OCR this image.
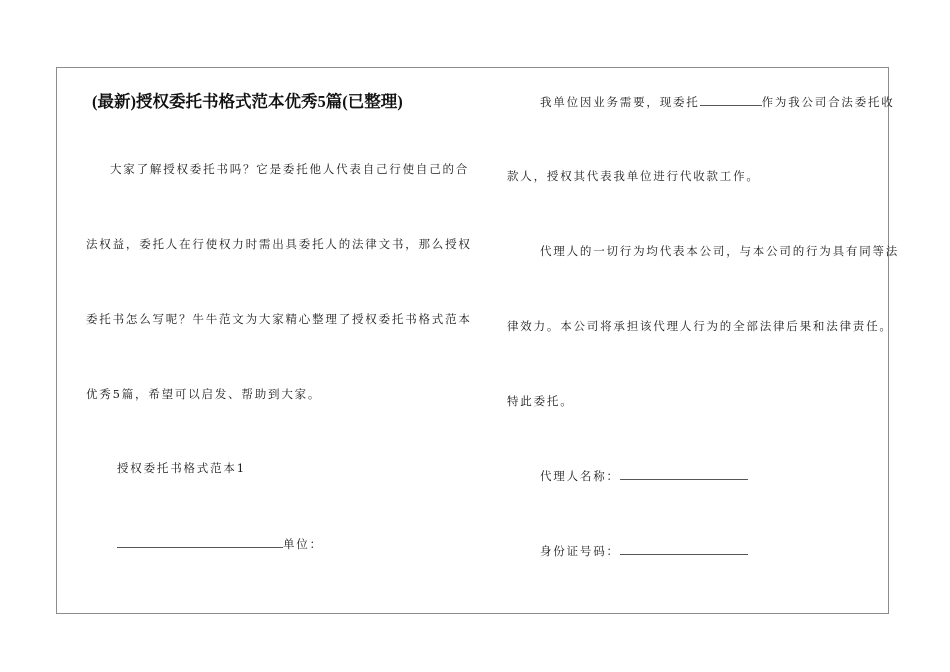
(最新)授权委托书格式范本优秀5篇(已整理)
大家了解授权委托书吗？它是委托他人代表自己行使自己的合
法权益，委托人在行使权力时需出具委托人的法律文书，那么授权
委托书怎么写呢？牛牛范文为大家精心整理了授权委托书格式范本
优秀5篇，希望可以启发、帮助到大家。
授权委托书格式范本1
单位：
我单位因业务需要，现委托	作为我公司合法委托收
款人，授权其代表我单位进行代收款工作。
代理人的一切行为均代表本公司，与本公司的行为具有同等法
律效力。本公司将承担该代理人行为的全部法律后果和法律责任。
特此委托。
代理人名称：
身份证号码：
